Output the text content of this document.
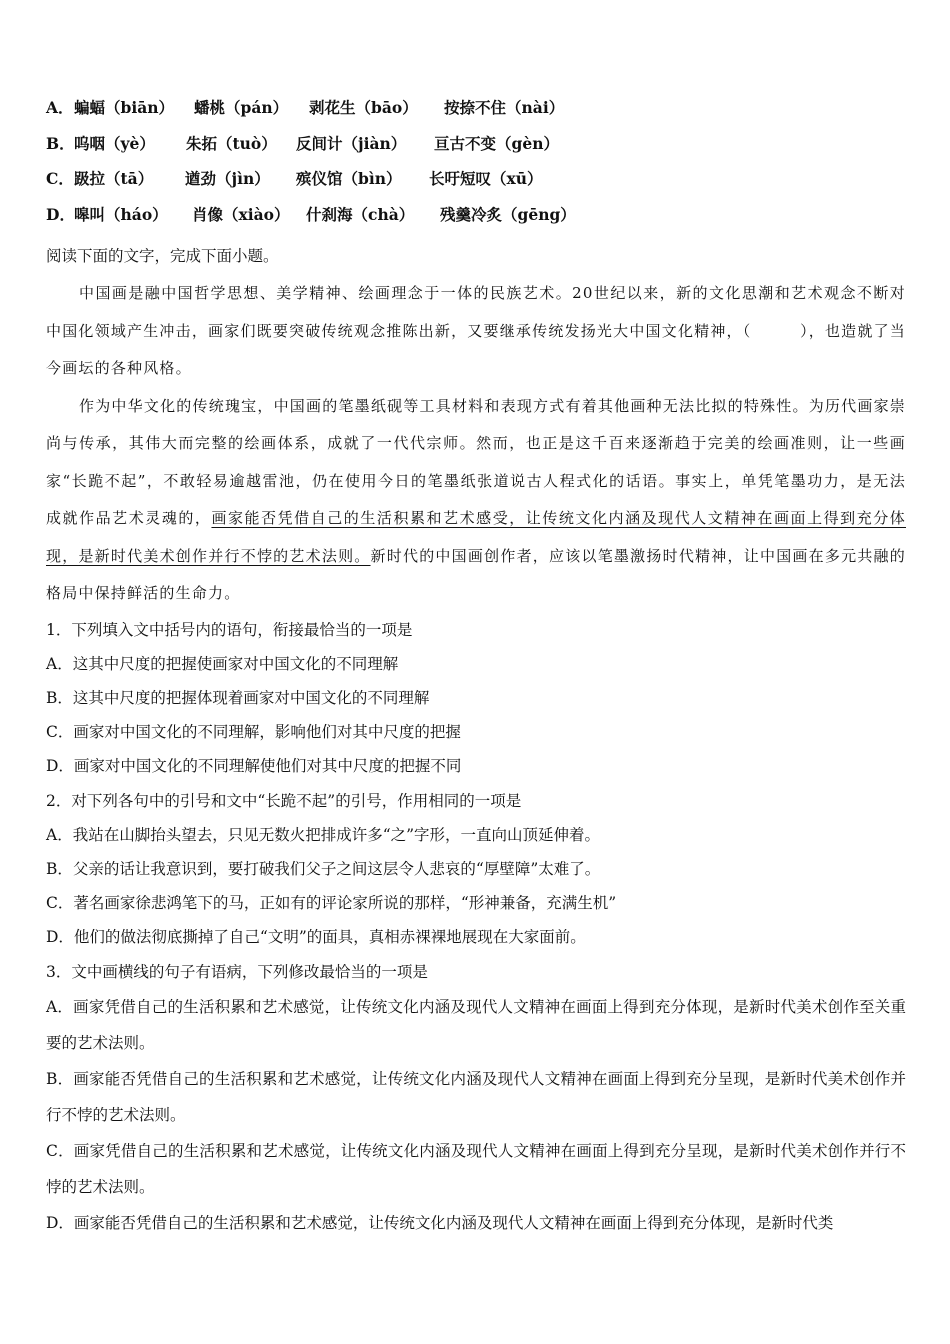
A． 蝙蝠（biān）	蟠桃（pán）	剥花生（bāo）	按捺不住（nài）
B． 呜咽（yè）	朱拓（tuò）	反间计（jiàn）	亘古不变（gèn）
C． 趿拉（tā）	遒劲（jìn）	殡仪馆（bìn）	长吁短叹（xū）
D． 嗥叫（háo）	肖像（xiào）	什刹海（chà）	残羹冷炙（gēng）
阅读下面的文字，完成下面小题。
中国画是融中国哲学思想、美学精神、绘画理念于一体的民族艺术。20世纪以来，新的文化思潮和艺术观念不断对中国化领域产生冲击，画家们既要突破传统观念推陈出新，又要继承传统发扬光大中国文化精神，（　　　），也造就了当今画坛的各种风格。
作为中华文化的传统瑰宝，中国画的笔墨纸砚等工具材料和表现方式有着其他画种无法比拟的特殊性。为历代画家崇尚与传承，其伟大而完整的绘画体系，成就了一代代宗师。然而，也正是这千百来逐渐趋于完美的绘画准则，让一些画家“长跪不起”，不敢轻易逾越雷池，仍在使用今日的笔墨纸张道说古人程式化的话语。事实上，单凭笔墨功力，是无法成就作品艺术灵魂的，画家能否凭借自己的生活积累和艺术感受，让传统文化内涵及现代人文精神在画面上得到充分体现，是新时代美术创作并行不悖的艺术法则。新时代的中国画创作者，应该以笔墨激扬时代精神，让中国画在多元共融的格局中保持鲜活的生命力。
1．下列填入文中括号内的语句，衔接最恰当的一项是
A．这其中尺度的把握使画家对中国文化的不同理解
B．这其中尺度的把握体现着画家对中国文化的不同理解
C．画家对中国文化的不同理解，影响他们对其中尺度的把握
D．画家对中国文化的不同理解使他们对其中尺度的把握不同
2．对下列各句中的引号和文中“长跪不起”的引号，作用相同的一项是
A．我站在山脚抬头望去，只见无数火把排成许多“之”字形，一直向山顶延伸着。
B．父亲的话让我意识到，要打破我们父子之间这层令人悲哀的“厚壁障”太难了。
C．著名画家徐悲鸿笔下的马，正如有的评论家所说的那样，“形神兼备，充满生机”
D．他们的做法彻底撕掉了自己“文明”的面具，真相赤裸裸地展现在大家面前。
3．文中画横线的句子有语病，下列修改最恰当的一项是
A．画家凭借自己的生活积累和艺术感觉，让传统文化内涵及现代人文精神在画面上得到充分体现，是新时代美术创作至关重要的艺术法则。
B．画家能否凭借自己的生活积累和艺术感觉，让传统文化内涵及现代人文精神在画面上得到充分呈现，是新时代美术创作并行不悖的艺术法则。
C．画家凭借自己的生活积累和艺术感觉，让传统文化内涵及现代人文精神在画面上得到充分呈现，是新时代美术创作并行不悖的艺术法则。
D．画家能否凭借自己的生活积累和艺术感觉，让传统文化内涵及现代人文精神在画面上得到充分体现，是新时代类
